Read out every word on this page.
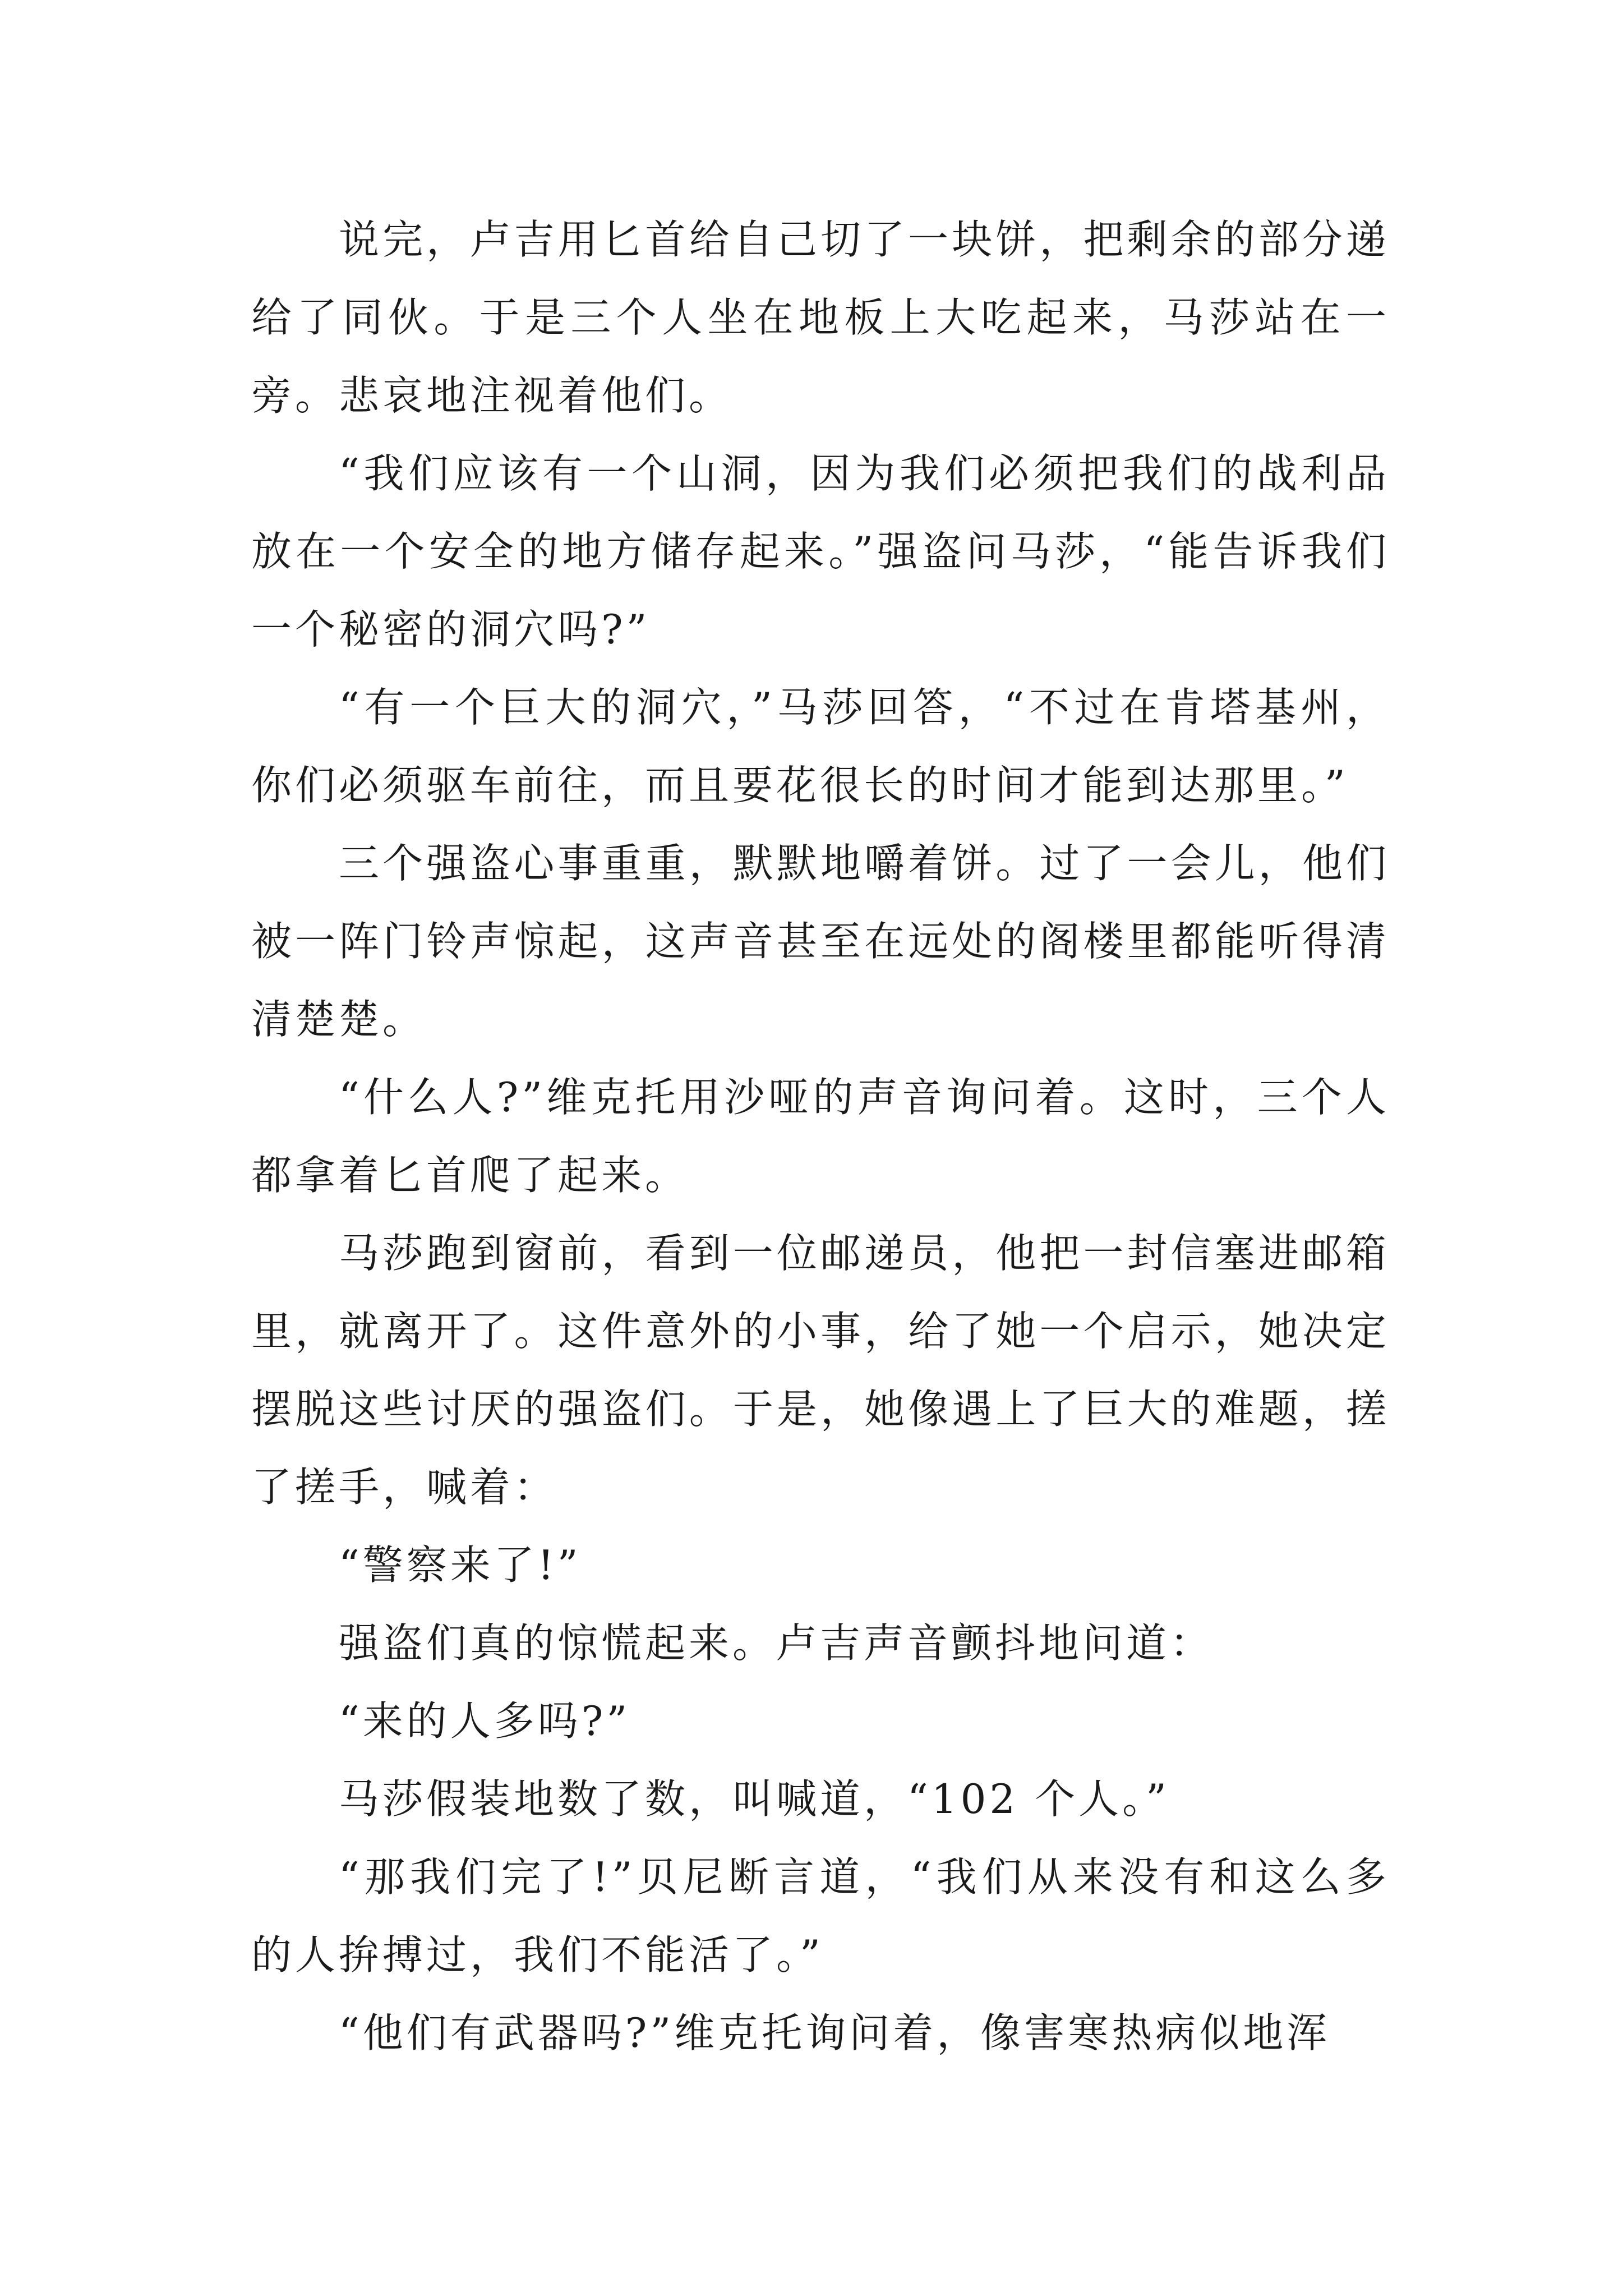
说完，卢吉用匕首给自己切了一块饼，把剩余的部分递给了同伙。于是三个人坐在地板上大吃起来，马莎站在一旁。悲哀地注视着他们。

“我们应该有一个山洞，因为我们必须把我们的战利品放在一个安全的地方储存起来。”强盗问马莎，“能告诉我们一个秘密的洞穴吗?”

“有一个巨大的洞穴，”马莎回答，“不过在肯塔基州，你们必须驱车前往，而且要花很长的时间才能到达那里。”

三个强盗心事重重，默默地嚼着饼。过了一会儿，他们被一阵门铃声惊起，这声音甚至在远处的阁楼里都能听得清清楚楚。

“什么人?”维克托用沙哑的声音询问着。这时，三个人都拿着匕首爬了起来。

马莎跑到窗前，看到一位邮递员，他把一封信塞进邮箱里，就离开了。这件意外的小事，给了她一个启示，她决定摆脱这些讨厌的强盗们。于是，她像遇上了巨大的难题，搓了搓手，喊着：

“警察来了!”

强盗们真的惊慌起来。卢吉声音颤抖地问道：

“来的人多吗?”

马莎假装地数了数，叫喊道，“102 个人。”

“那我们完了!”贝尼断言道，“我们从来没有和这么多的人拚搏过，我们不能活了。”

“他们有武器吗?”维克托询问着，像害寒热病似地浑
